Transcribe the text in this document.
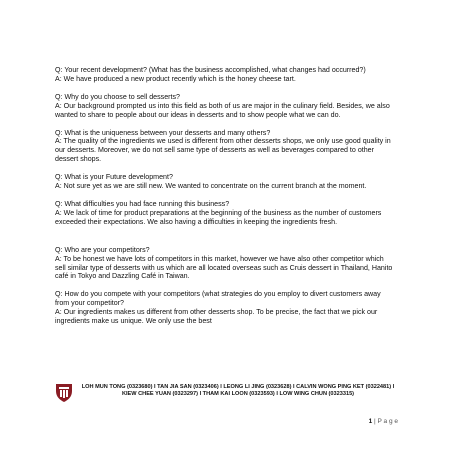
Q: Your recent development? (What has the business accomplished, what changes had occurred?)
A: We have produced a new product recently which is the honey cheese tart.
Q: Why do you choose to sell desserts?
A: Our background prompted us into this field as both of us are major in the culinary field. Besides, we also wanted to share to people about our ideas in desserts and to show people what we can do.
Q: What is the uniqueness between your desserts and many others?
A: The quality of the ingredients we used is different from other desserts shops, we only use good quality in our desserts. Moreover, we do not sell same type of desserts as well as beverages compared to other dessert shops.
Q: What is your Future development?
A: Not sure yet as we are still new. We wanted to concentrate on the current branch at the moment.
Q: What difficulties you had face running this business?
A: We lack of time for product preparations at the beginning of the business as the number of customers exceeded their expectations. We also having a difficulties in keeping the ingredients fresh.
Q: Who are your competitors?
A: To be honest we have lots of competitors in this market, however we have also other competitor which sell similar type of desserts with us which are all located overseas such as Cruis dessert in Thailand, Hanito café in Tokyo and Dazzling Café in Taiwan.
Q: How do you compete with your competitors (what strategies do you employ to divert customers away from your competitor?
A: Our ingredients makes us different from other desserts shop. To be precise, the fact that we pick our ingredients make us unique. We only use the best
LOH MUN TONG (0323680) I TAN JIA SAN (0323406) I LEONG LI JING (0323628) I CALVIN WONG PING KET (0322481) I KIEW CHEE YUAN (0323297) I THAM KAI LOON (0323593) I LOW WING CHUN (0323315)
1 | P a g e
